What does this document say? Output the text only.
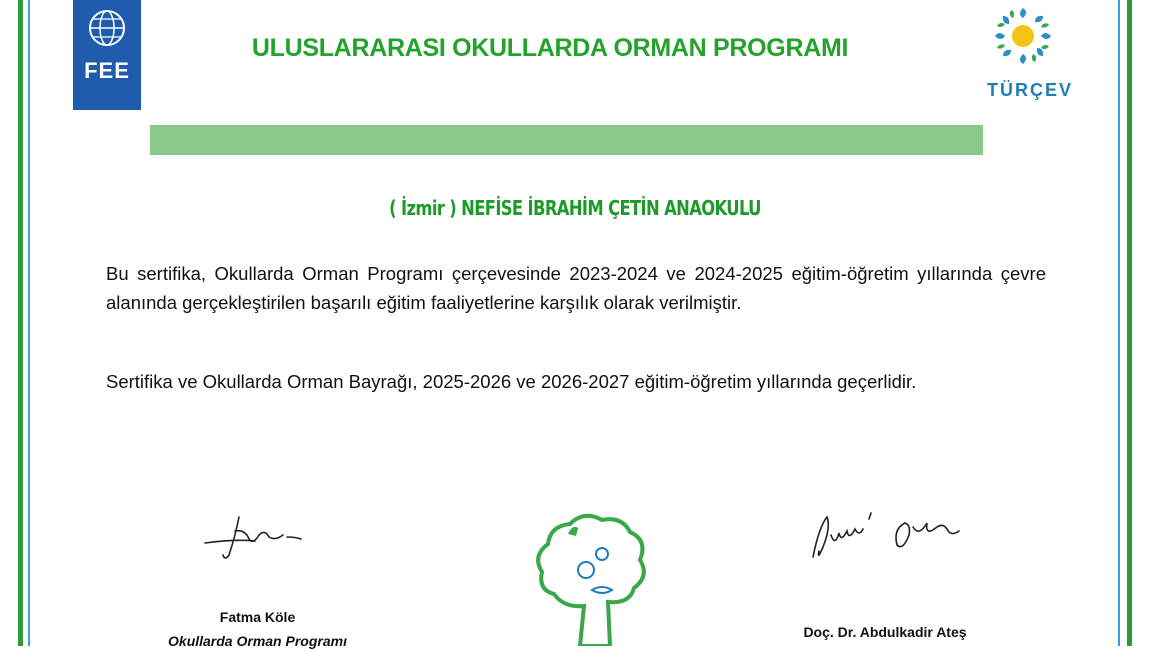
FEE
ULUSLARARASI OKULLARDA ORMAN PROGRAMI
TÜRÇEV
( İzmir ) NEFİSE İBRAHİM ÇETİN ANAOKULU
Bu sertifika, Okullarda Orman Programı çerçevesinde 2023-2024 ve 2024-2025 eğitim-öğretim yıllarında çevre alanında gerçekleştirilen başarılı eğitim faaliyetlerine karşılık olarak verilmiştir.
Sertifika ve Okullarda Orman Bayrağı, 2025-2026 ve 2026-2027 eğitim-öğretim yıllarında geçerlidir.
Fatma Köle
Okullarda Orman Programı
Doç. Dr. Abdulkadir Ateş
